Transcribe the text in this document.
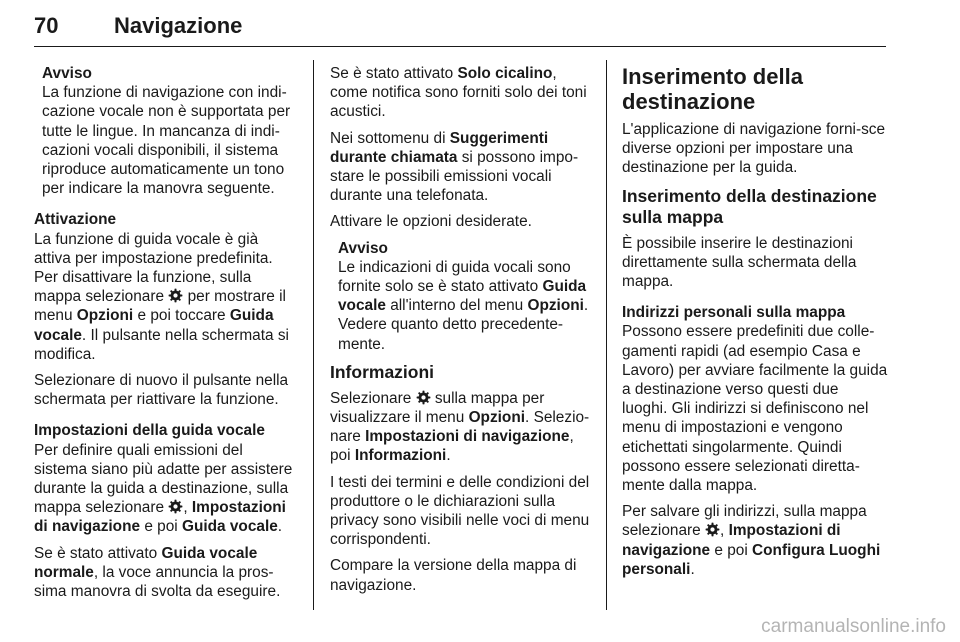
70	Navigazione
Avviso
La funzione di navigazione con indi-cazione vocale non è supportata per tutte le lingue. In mancanza di indi-cazioni vocali disponibili, il sistema riproduce automaticamente un tono per indicare la manovra seguente.
Attivazione

La funzione di guida vocale è già attiva per impostazione predefinita. Per disattivare la funzione, sulla mappa selezionare  per mostrare il menu Opzioni e poi toccare Guida vocale. Il pulsante nella schermata si modifica.

Selezionare di nuovo il pulsante nella schermata per riattivare la funzione.

Impostazioni della guida vocale

Per definire quali emissioni del sistema siano più adatte per assistere durante la guida a destinazione, sulla mappa selezionare , Impostazioni di navigazione e poi Guida vocale.

Se è stato attivato Guida vocale normale, la voce annuncia la pros-sima manovra di svolta da eseguire.

Se è stato attivato Solo cicalino, come notifica sono forniti solo dei toni acustici.

Nei sottomenu di Suggerimenti durante chiamata si possono impo-stare le possibili emissioni vocali durante una telefonata.

Attivare le opzioni desiderate.

Avviso
Le indicazioni di guida vocali sono fornite solo se è stato attivato Guida vocale all'interno del menu Opzioni. Vedere quanto detto precedente-mente.
Informazioni

Selezionare  sulla mappa per visualizzare il menu Opzioni. Selezio-nare Impostazioni di navigazione, poi Informazioni.

I testi dei termini e delle condizioni del produttore o le dichiarazioni sulla privacy sono visibili nelle voci di menu corrispondenti.

Compare la versione della mappa di navigazione.

Inserimento della destinazione

L'applicazione di navigazione forni-sce diverse opzioni per impostare una destinazione per la guida.

Inserimento della destinazione sulla mappa

È possibile inserire le destinazioni direttamente sulla schermata della mappa.

Indirizzi personali sulla mappa

Possono essere predefiniti due colle-gamenti rapidi (ad esempio Casa e Lavoro) per avviare facilmente la guida a destinazione verso questi due luoghi. Gli indirizzi si definiscono nel menu di impostazioni e vengono etichettati singolarmente. Quindi possono essere selezionati diretta-mente dalla mappa.

Per salvare gli indirizzi, sulla mappa selezionare , Impostazioni di navigazione e poi Configura Luoghi personali.

carmanualsonline.info
